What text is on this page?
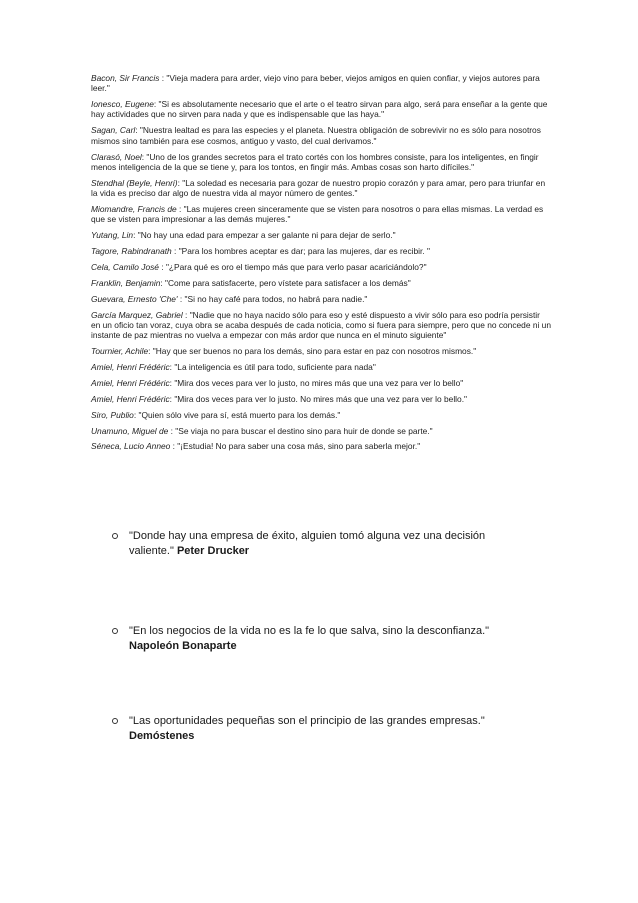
Bacon, Sir Francis : "Vieja madera para arder, viejo vino para beber, viejos amigos en quien confiar, y viejos autores para leer."

Ionesco, Eugene: "Si es absolutamente necesario que el arte o el teatro sirvan para algo, será para enseñar a la gente que hay actividades que no sirven para nada y que es indispensable que las haya."

Sagan, Carl: "Nuestra lealtad es para las especies y el planeta. Nuestra obligación de sobrevivir no es sólo para nosotros mismos sino también para ese cosmos, antiguo y vasto, del cual derivamos."

Clarasó, Noel: "Uno de los grandes secretos para el trato cortés con los hombres consiste, para los inteligentes, en fingir menos inteligencia de la que se tiene y, para los tontos, en fingir más. Ambas cosas son harto difíciles."

Stendhal (Beyle, Henri): "La soledad es necesaria para gozar de nuestro propio corazón y para amar, pero para triunfar en la vida es preciso dar algo de nuestra vida al mayor número de gentes."

Miomandre, Francis de : "Las mujeres creen sinceramente que se visten para nosotros o para ellas mismas. La verdad es que se visten para impresionar a las demás mujeres."

Yutang, Lin: "No hay una edad para empezar a ser galante ni para dejar de serlo."

Tagore, Rabindranath : "Para los hombres aceptar es dar; para las mujeres, dar es recibir. "

Cela, Camilo José : "¿Para qué es oro el tiempo más que para verlo pasar acariciándolo?"

Franklin, Benjamin: "Come para satisfacerte, pero vístete para satisfacer a los demás"

Guevara, Ernesto 'Che' : "Si no hay café para todos, no habrá para nadie."

García Marquez, Gabriel : "Nadie que no haya nacido sólo para eso y esté dispuesto a vivir sólo para eso podría persistir en un oficio tan voraz, cuya obra se acaba después de cada noticia, como si fuera para siempre, pero que no concede ni un instante de paz mientras no vuelva a empezar con más ardor que nunca en el minuto siguiente"

Tournier, Achile: "Hay que ser buenos no para los demás, sino para estar en paz con nosotros mismos."

Amiel, Henri Frédéric: "La inteligencia es útil para todo, suficiente para nada"

Amiel, Henri Frédéric: "Mira dos veces para ver lo justo, no mires más que una vez para ver lo bello"

Amiel, Henri Frédéric: "Mira dos veces para ver lo justo. No mires más que una vez para ver lo bello."

Siro, Publio: "Quien sólo vive para sí, está muerto para los demás."

Unamuno, Miguel de : "Se viaja no para buscar el destino sino para huir de donde se parte."

Séneca, Lucio Anneo : "¡Estudia! No para saber una cosa más, sino para saberla mejor."

"Donde hay una empresa de éxito, alguien tomó alguna vez una decisión valiente." Peter Drucker
"En los negocios de la vida no es la fe lo que salva, sino la desconfianza." Napoleón Bonaparte
"Las oportunidades pequeñas son el principio de las grandes empresas." Demóstenes
